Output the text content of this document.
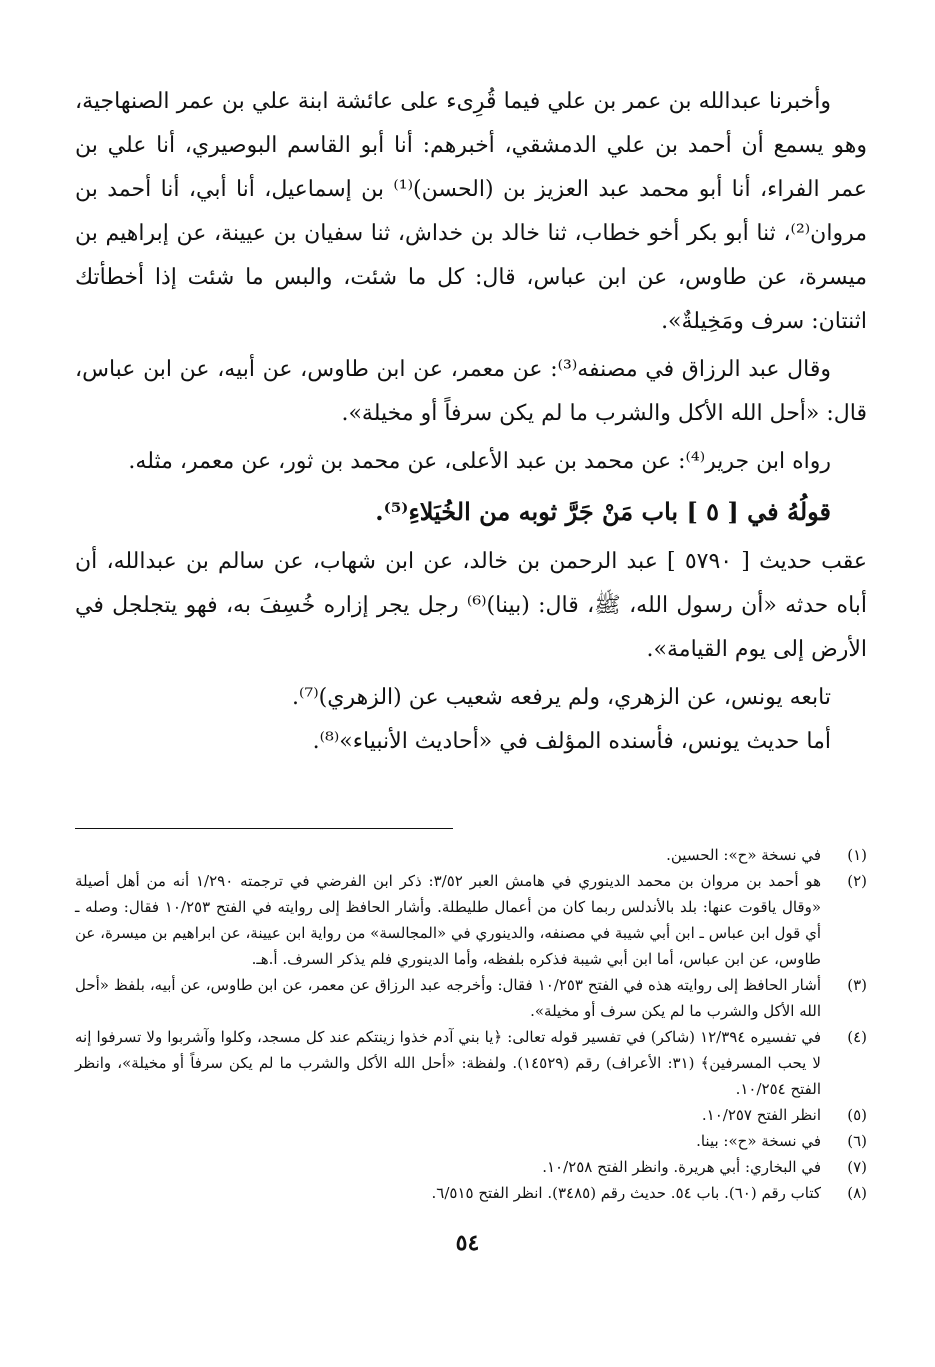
وأخبرنا عبدالله بن عمر بن علي فيما قُرِىء على عائشة ابنة علي بن عمر الصنهاجية، وهو يسمع أن أحمد بن علي الدمشقي، أخبرهم: أنا أبو القاسم البوصيري، أنا علي بن عمر الفراء، أنا أبو محمد عبد العزيز بن (الحسن)⁽¹⁾ بن إسماعيل، أنا أبي، أنا أحمد بن مروان⁽²⁾، ثنا أبو بكر أخو خطاب، ثنا خالد بن خداش، ثنا سفيان بن عيينة، عن إبراهيم بن ميسرة، عن طاوس، عن ابن عباس، قال: كل ما شئت، والبس ما شئت إذا أخطأتك اثنتان: سرف ومَخِيلةٌ».

وقال عبد الرزاق في مصنفه⁽³⁾: عن معمر، عن ابن طاوس، عن أبيه، عن ابن عباس، قال: «أحل الله الأكل والشرب ما لم يكن سرفاً أو مخيلة».

رواه ابن جرير⁽⁴⁾: عن محمد بن عبد الأعلى، عن محمد بن ثور، عن معمر، مثله.

قولُهُ في [ ٥ ] باب مَنْ جَرَّ ثوبه من الخُيَلاءِ⁽⁵⁾.

عقب حديث [ ٥٧٩٠ ] عبد الرحمن بن خالد، عن ابن شهاب، عن سالم بن عبدالله، أن أباه حدثه «أن رسول الله، ﷺ، قال: (بينا)⁽⁶⁾ رجل يجر إزاره خُسِفَ به، فهو يتجلجل في الأرض إلى يوم القيامة».

تابعه يونس، عن الزهري، ولم يرفعه شعيب عن (الزهري)⁽⁷⁾.

أما حديث يونس، فأسنده المؤلف في «أحاديث الأنبياء»⁽⁸⁾.

(١)
في نسخة «ح»: الحسين.
(٢)
هو أحمد بن مروان بن محمد الدينوري في هامش العبر ٣/٥٢: ذكر ابن الفرضي في ترجمته ١/٢٩٠ أنه من أهل أصيلة «وقال ياقوت عنها: بلد بالأندلس ربما كان من أعمال طليطلة. وأشار الحافظ إلى روايته في الفتح ١٠/٢٥٣ فقال: وصله ـ أي قول ابن عباس ـ ابن أبي شيبة في مصنفه، والدينوري في «المجالسة» من رواية ابن عيينة، عن ابراهيم بن ميسرة، عن طاوس، عن ابن عباس، أما ابن أبي شيبة فذكره بلفظه، وأما الدينوري فلم يذكر السرف. أ.هـ.
(٣)
أشار الحافظ إلى روايته هذه في الفتح ١٠/٢٥٣ فقال: وأخرجه عبد الرزاق عن معمر، عن ابن طاوس، عن أبيه، بلفظ «أحل الله الأكل والشرب ما لم يكن سرف أو مخيلة».
(٤)
في تفسيره ١٢/٣٩٤ (شاكر) في تفسير قوله تعالى: ﴿يا بني آدم خذوا زينتكم عند كل مسجد، وكلوا وآشربوا ولا تسرفوا إنه لا يحب المسرفين﴾ (٣١: الأعراف) رقم (١٤٥٢٩). ولفظة: «أحل الله الأكل والشرب ما لم يكن سرفاً أو مخيلة»، وانظر الفتح ١٠/٢٥٤.
(٥)
انظر الفتح ١٠/٢٥٧.
(٦)
في نسخة «ح»: بينا.
(٧)
في البخاري: أبي هريرة. وانظر الفتح ١٠/٢٥٨.
(٨)
كتاب رقم (٦٠). باب ٥٤. حديث رقم (٣٤٨٥). انظر الفتح ٦/٥١٥.
٥٤
